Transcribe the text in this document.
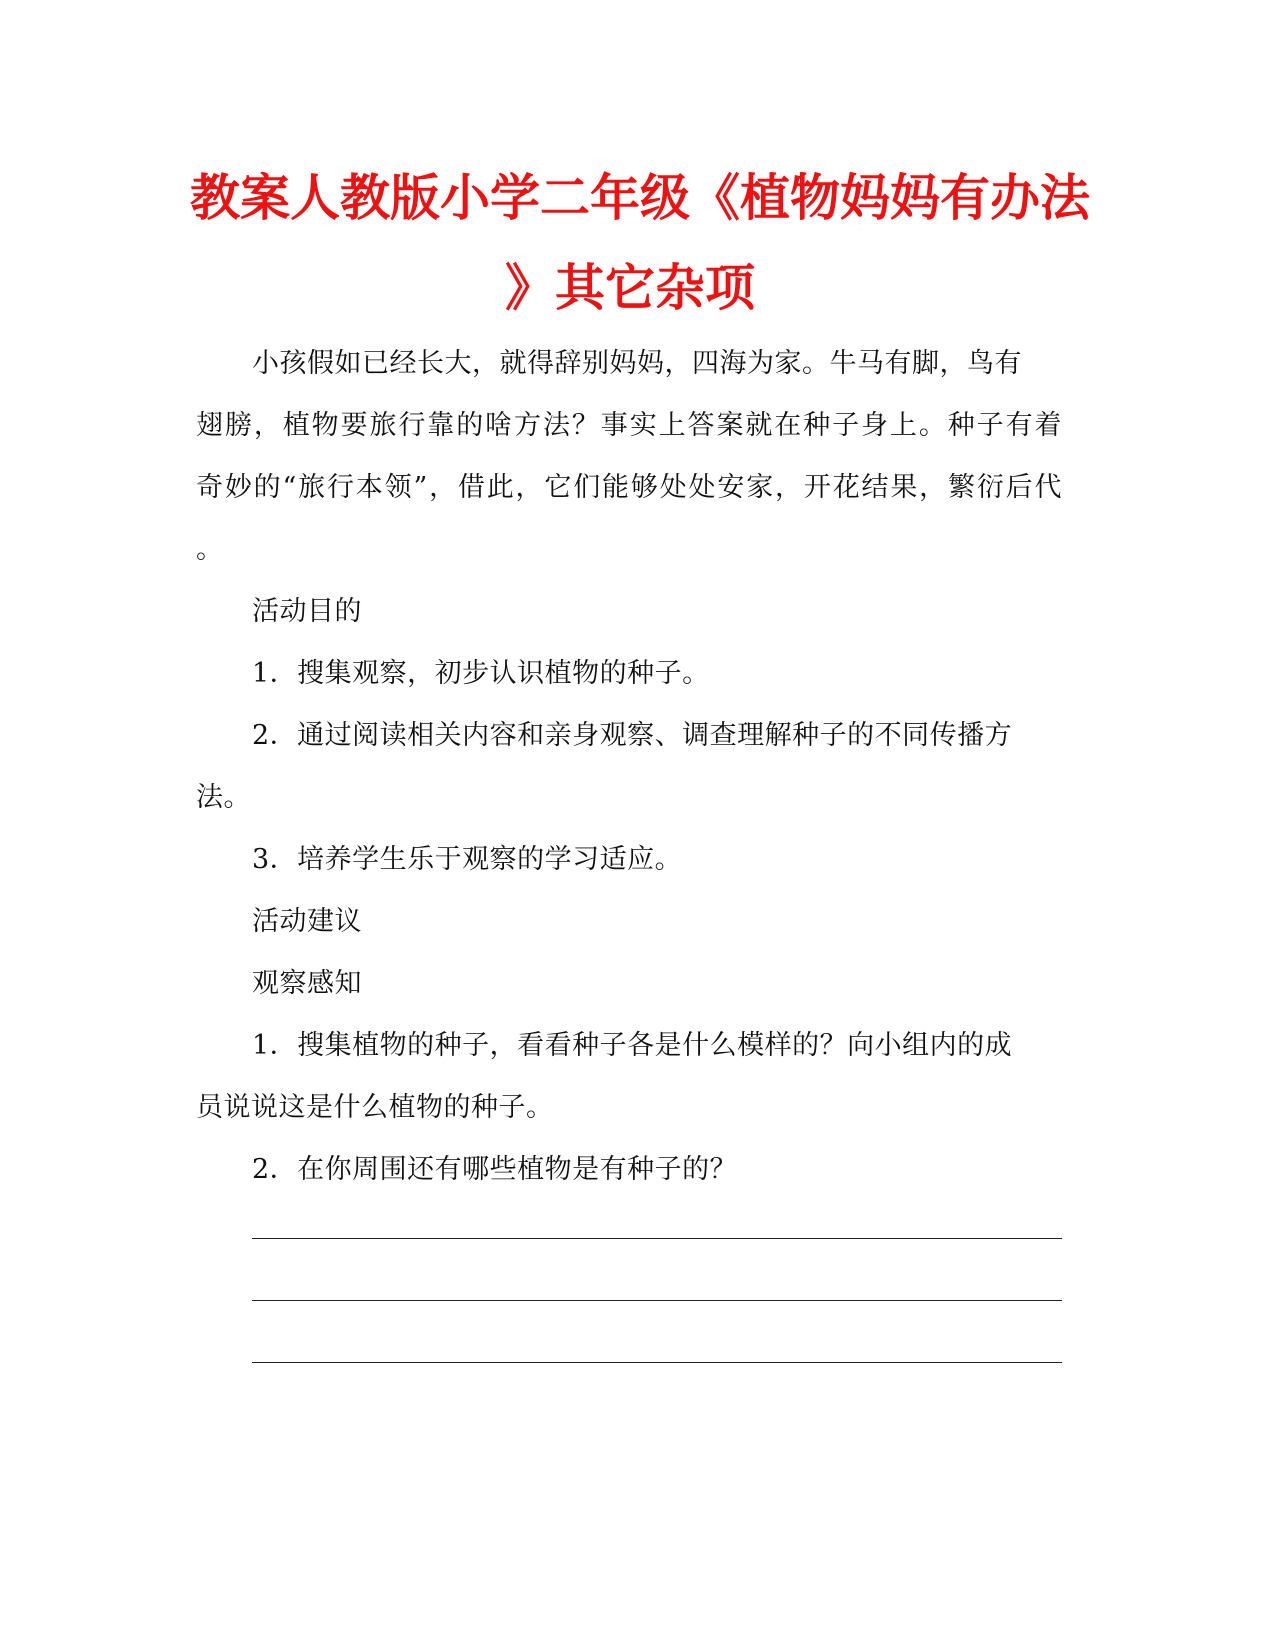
教案人教版小学二年级《植物妈妈有办法
》其它杂项
小孩假如已经长大，就得辞别妈妈，四海为家。牛马有脚，鸟有
翅膀，植物要旅行靠的啥方法？事实上答案就在种子身上。种子有着
奇妙的“旅行本领”，借此，它们能够处处安家，开花结果，繁衍后代
。
活动目的
1．搜集观察，初步认识植物的种子。
2．通过阅读相关内容和亲身观察、调查理解种子的不同传播方
法。
3．培养学生乐于观察的学习适应。
活动建议
观察感知
1．搜集植物的种子，看看种子各是什么模样的？向小组内的成
员说说这是什么植物的种子。
2．在你周围还有哪些植物是有种子的？
